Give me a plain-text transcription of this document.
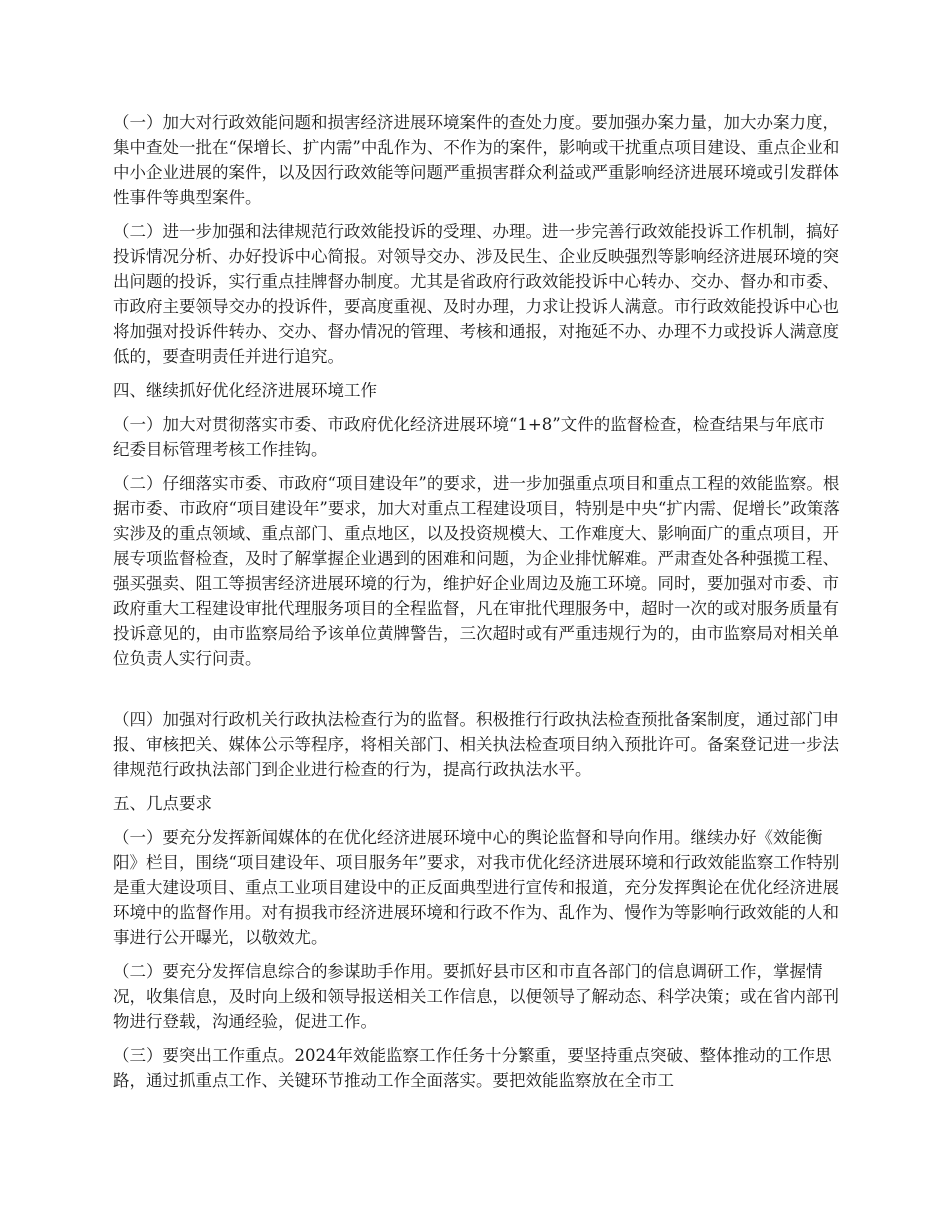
（一）加大对行政效能问题和损害经济进展环境案件的查处力度。要加强办案力量，加大办案力度，集中查处一批在“保增长、扩内需”中乱作为、不作为的案件，影响或干扰重点项目建设、重点企业和中小企业进展的案件，以及因行政效能等问题严重损害群众利益或严重影响经济进展环境或引发群体性事件等典型案件。

（二）进一步加强和法律规范行政效能投诉的受理、办理。进一步完善行政效能投诉工作机制，搞好投诉情况分析、办好投诉中心简报。对领导交办、涉及民生、企业反映强烈等影响经济进展环境的突出问题的投诉，实行重点挂牌督办制度。尤其是省政府行政效能投诉中心转办、交办、督办和市委、市政府主要领导交办的投诉件，要高度重视、及时办理，力求让投诉人满意。市行政效能投诉中心也将加强对投诉件转办、交办、督办情况的管理、考核和通报，对拖延不办、办理不力或投诉人满意度低的，要查明责任并进行追究。

四、继续抓好优化经济进展环境工作

（一）加大对贯彻落实市委、市政府优化经济进展环境“1+8”文件的监督检查，检查结果与年底市纪委目标管理考核工作挂钩。

（二）仔细落实市委、市政府“项目建设年”的要求，进一步加强重点项目和重点工程的效能监察。根据市委、市政府“项目建设年”要求，加大对重点工程建设项目，特别是中央“扩内需、促增长”政策落实涉及的重点领域、重点部门、重点地区，以及投资规模大、工作难度大、影响面广的重点项目，开展专项监督检查，及时了解掌握企业遇到的困难和问题，为企业排忧解难。严肃查处各种强揽工程、强买强卖、阻工等损害经济进展环境的行为，维护好企业周边及施工环境。同时，要加强对市委、市政府重大工程建设审批代理服务项目的全程监督，凡在审批代理服务中，超时一次的或对服务质量有投诉意见的，由市监察局给予该单位黄牌警告，三次超时或有严重违规行为的，由市监察局对相关单位负责人实行问责。

（四）加强对行政机关行政执法检查行为的监督。积极推行行政执法检查预批备案制度，通过部门申报、审核把关、媒体公示等程序，将相关部门、相关执法检查项目纳入预批许可。备案登记进一步法律规范行政执法部门到企业进行检查的行为，提高行政执法水平。

五、几点要求

（一）要充分发挥新闻媒体的在优化经济进展环境中心的舆论监督和导向作用。继续办好《效能衡阳》栏目，围绕“项目建设年、项目服务年”要求，对我市优化经济进展环境和行政效能监察工作特别是重大建设项目、重点工业项目建设中的正反面典型进行宣传和报道，充分发挥舆论在优化经济进展环境中的监督作用。对有损我市经济进展环境和行政不作为、乱作为、慢作为等影响行政效能的人和事进行公开曝光，以敬效尤。

（二）要充分发挥信息综合的参谋助手作用。要抓好县市区和市直各部门的信息调研工作，掌握情况，收集信息，及时向上级和领导报送相关工作信息，以便领导了解动态、科学决策；或在省内部刊物进行登载，沟通经验，促进工作。

（三）要突出工作重点。2024年效能监察工作任务十分繁重，要坚持重点突破、整体推动的工作思路，通过抓重点工作、关键环节推动工作全面落实。要把效能监察放在全市工
